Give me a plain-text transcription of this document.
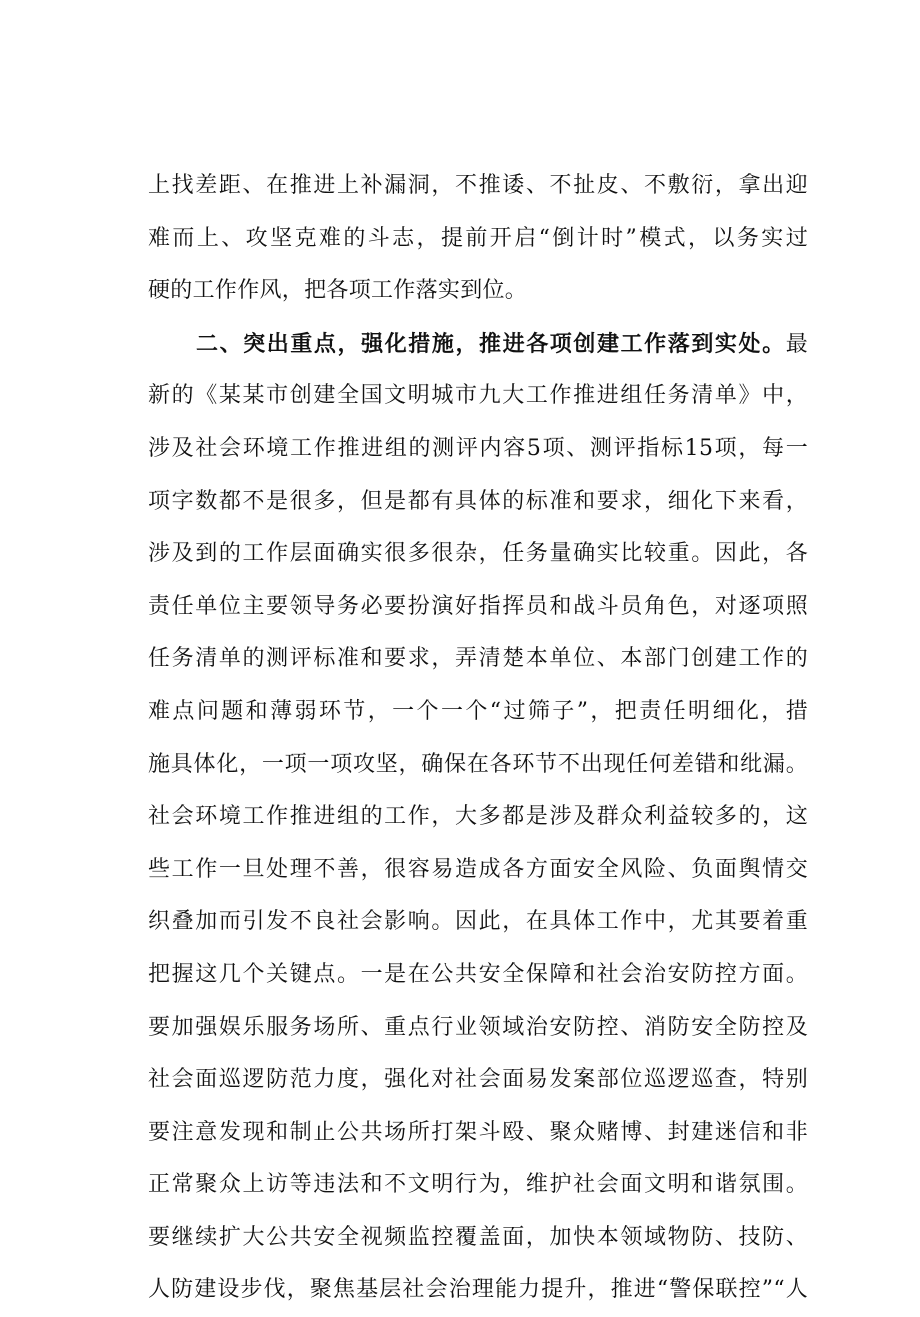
上找差距、在推进上补漏洞，不推诿、不扯皮、不敷衍，拿出迎
难而上、攻坚克难的斗志，提前开启“倒计时”模式，以务实过
硬的工作作风，把各项工作落实到位。
二、突出重点，强化措施，推进各项创建工作落到实处。最
新的《某某市创建全国文明城市九大工作推进组任务清单》中，
涉及社会环境工作推进组的测评内容5项、测评指标15项，每一
项字数都不是很多，但是都有具体的标准和要求，细化下来看，
涉及到的工作层面确实很多很杂，任务量确实比较重。因此，各
责任单位主要领导务必要扮演好指挥员和战斗员角色，对逐项照
任务清单的测评标准和要求，弄清楚本单位、本部门创建工作的
难点问题和薄弱环节，一个一个“过筛子”，把责任明细化，措
施具体化，一项一项攻坚，确保在各环节不出现任何差错和纰漏。
社会环境工作推进组的工作，大多都是涉及群众利益较多的，这
些工作一旦处理不善，很容易造成各方面安全风险、负面舆情交
织叠加而引发不良社会影响。因此，在具体工作中，尤其要着重
把握这几个关键点。一是在公共安全保障和社会治安防控方面。
要加强娱乐服务场所、重点行业领域治安防控、消防安全防控及
社会面巡逻防范力度，强化对社会面易发案部位巡逻巡查，特别
要注意发现和制止公共场所打架斗殴、聚众赌博、封建迷信和非
正常聚众上访等违法和不文明行为，维护社会面文明和谐氛围。
要继续扩大公共安全视频监控覆盖面，加快本领域物防、技防、
人防建设步伐，聚焦基层社会治理能力提升，推进“警保联控”“人
